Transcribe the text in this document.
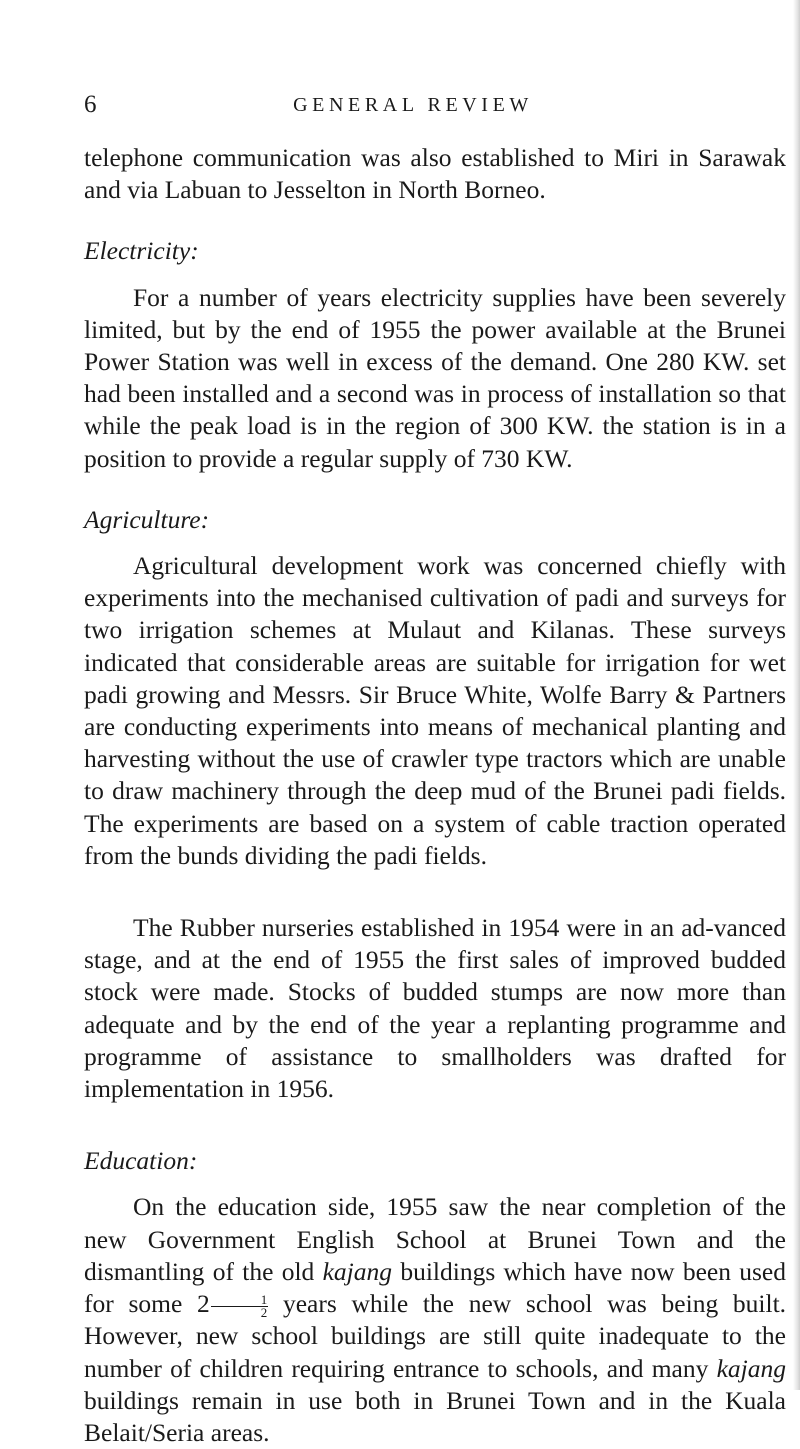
6	GENERAL REVIEW

telephone communication was also established to Miri in Sarawak and via Labuan to Jesselton in North Borneo.

Electricity:

For a number of years electricity supplies have been severely limited, but by the end of 1955 the power available at the Brunei Power Station was well in excess of the demand. One 280 KW. set had been installed and a second was in process of installation so that while the peak load is in the region of 300 KW. the station is in a position to provide a regular supply of 730 KW.

Agriculture:

Agricultural development work was concerned chiefly with experiments into the mechanised cultivation of padi and surveys for two irrigation schemes at Mulaut and Kilanas. These surveys indicated that considerable areas are suitable for irrigation for wet padi growing and Messrs. Sir Bruce White, Wolfe Barry & Partners are conducting experiments into means of mechanical planting and harvesting without the use of crawler type tractors which are unable to draw machinery through the deep mud of the Brunei padi fields. The experiments are based on a system of cable traction operated from the bunds dividing the padi fields.

The Rubber nurseries established in 1954 were in an ad-vanced stage, and at the end of 1955 the first sales of improved budded stock were made. Stocks of budded stumps are now more than adequate and by the end of the year a replanting programme and programme of assistance to smallholders was drafted for implementation in 1956.

Education:

On the education side, 1955 saw the near completion of the new Government English School at Brunei Town and the dismantling of the old kajang buildings which have now been used for some $2 \frac{1}{2}$ years while the new school was being built. However, new school buildings are still quite inadequate to the number of children requiring entrance to schools, and many kajang buildings remain in use both in Brunei Town and in the Kuala Belait/Seria areas.
